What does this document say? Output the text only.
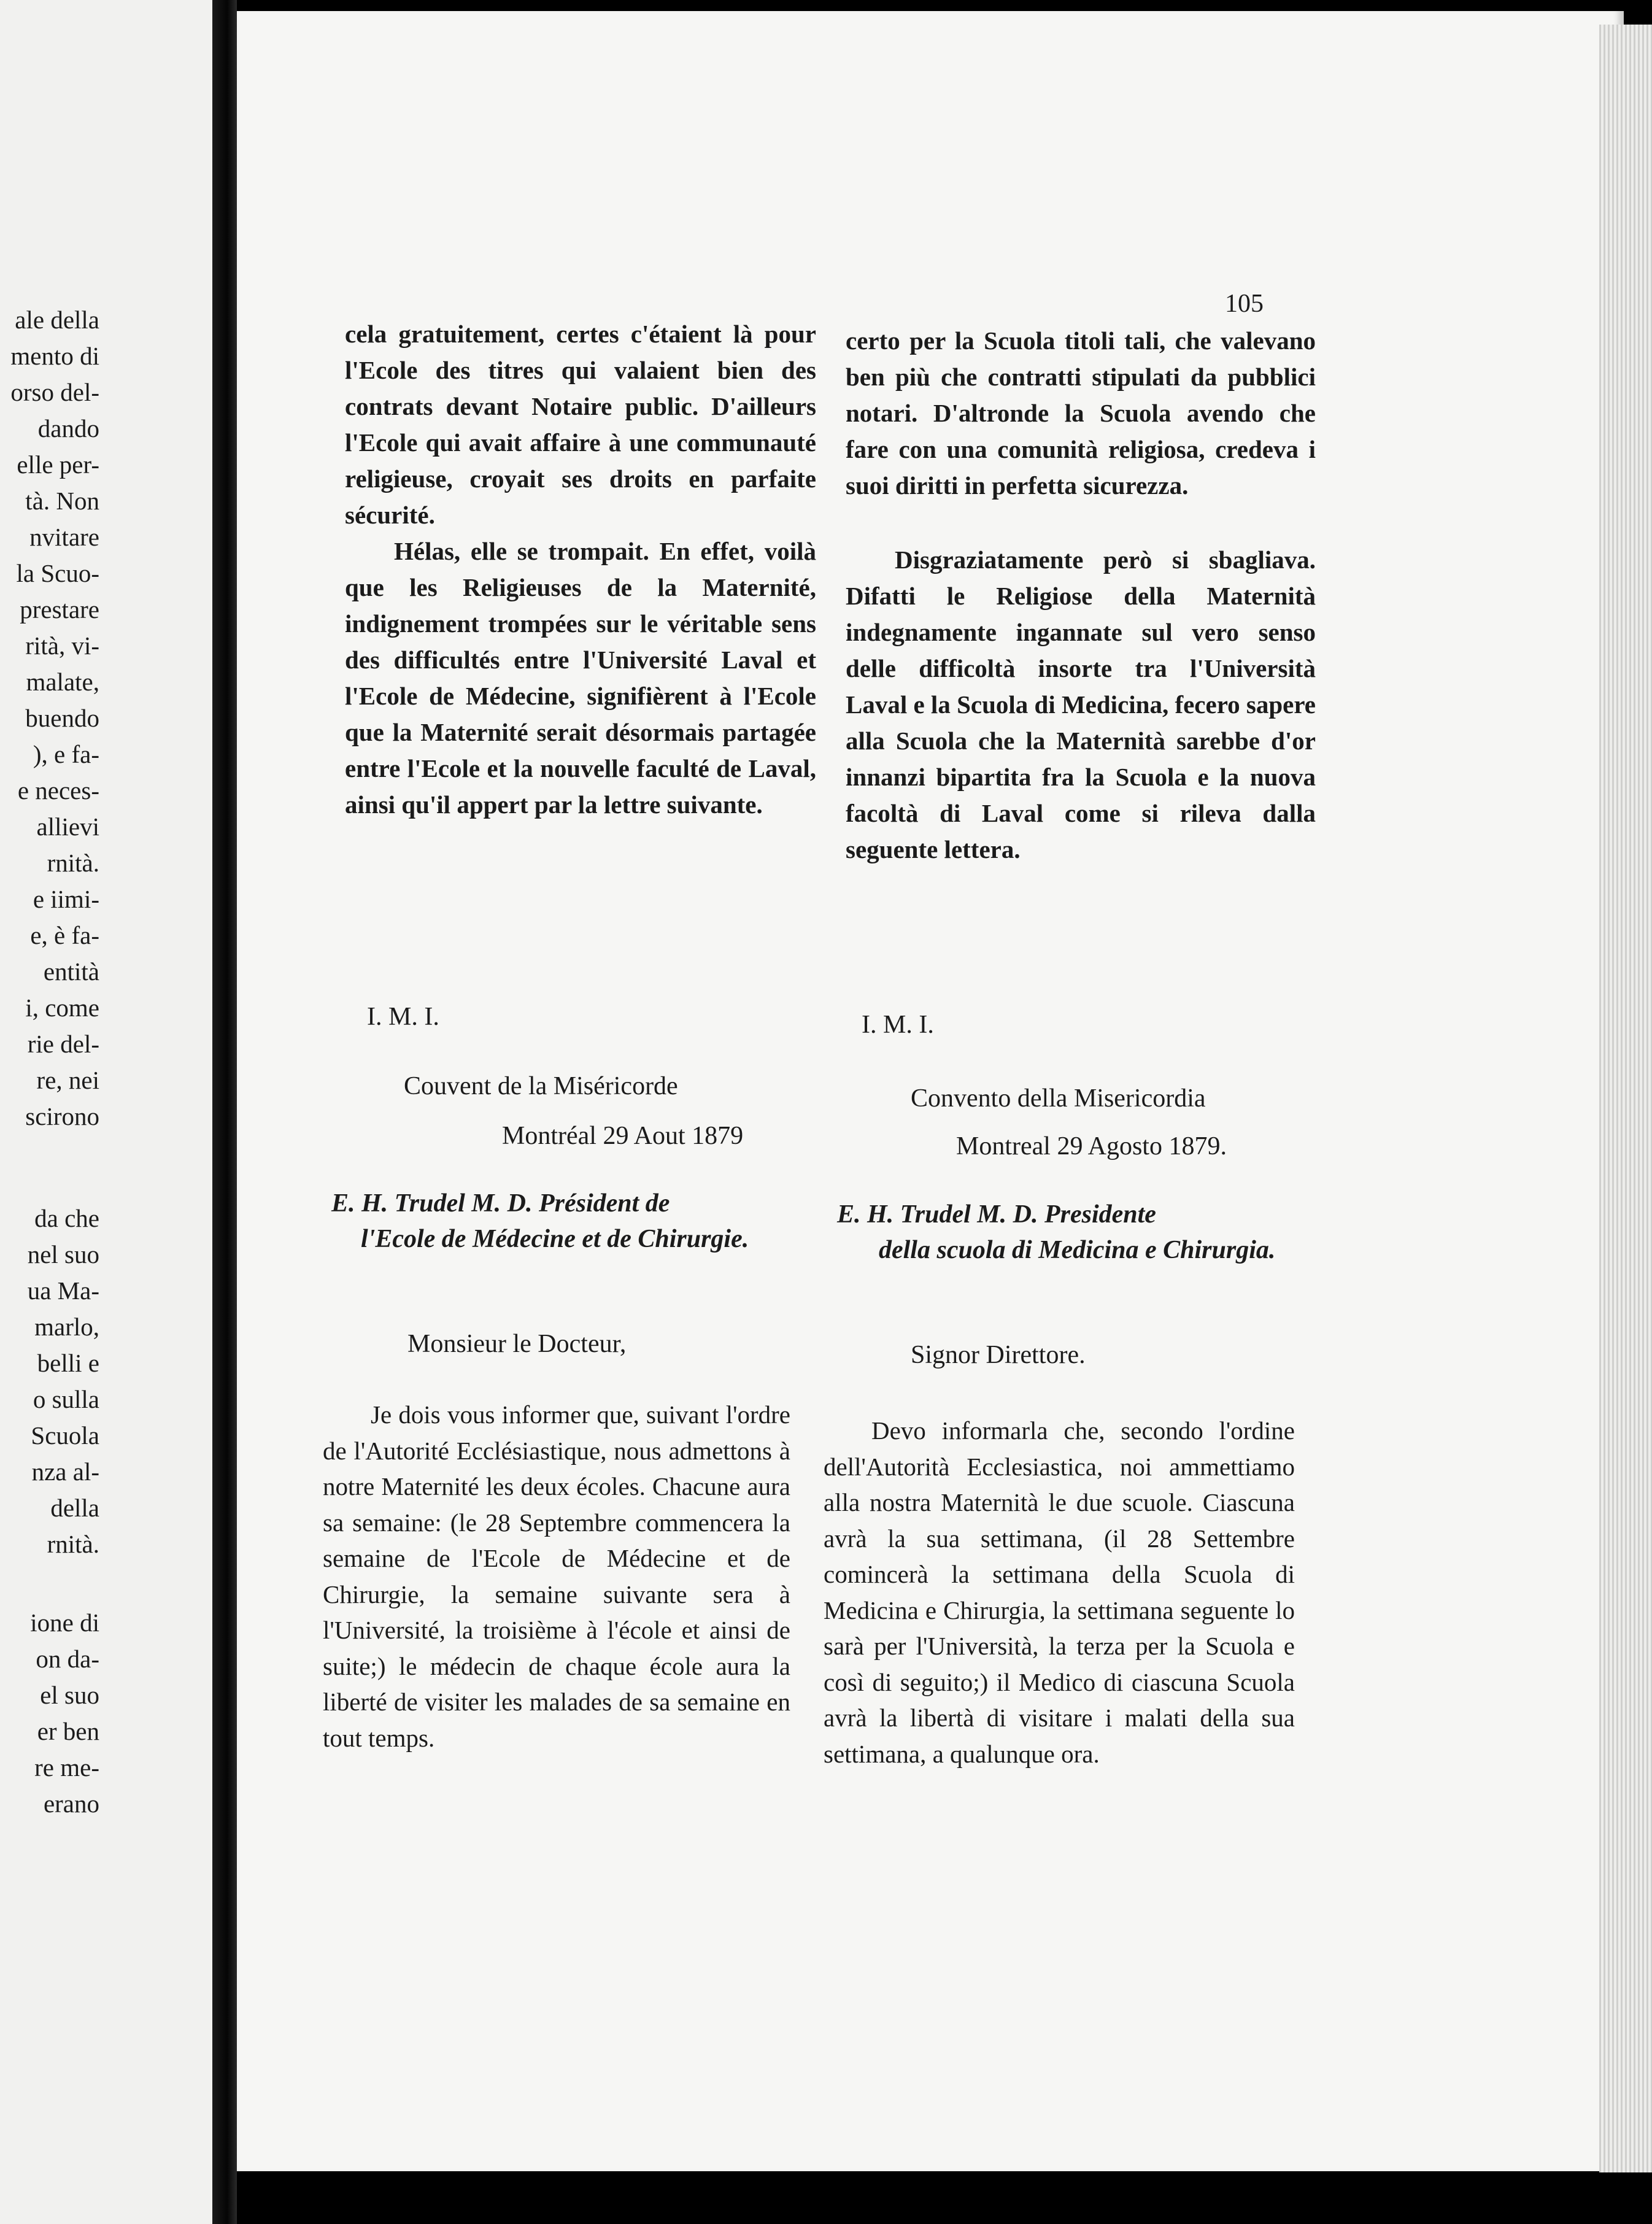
ale della
mento di
orso del-
dando
elle per-
tà. Non
nvitare
la Scuo-
prestare
rità, vi-
malate,
buendo
), e fa-
e neces-
allievi
rnità.
e iimi-
e, è fa-
entità
i, come
rie del-
re, nei
scirono
da che
nel suo
ua Ma-
marlo,
belli e
o sulla
Scuola
nza al-
della
rnità.
ione di
on da-
el suo
er ben
re me-
erano
105

cela gratuitement, certes c'étaient là pour l'Ecole des titres qui valaient bien des contrats devant Notaire public. D'ailleurs l'Ecole qui avait affaire à une communauté religieuse, croyait ses droits en parfaite sécurité.

Hélas, elle se trompait. En effet, voilà que les Religieuses de la Maternité, indignement trompées sur le véritable sens des difficultés entre l'Université Laval et l'Ecole de Médecine, signifièrent à l'Ecole que la Maternité serait désormais partagée entre l'Ecole et la nouvelle faculté de Laval, ainsi qu'il appert par la lettre suivante.

certo per la Scuola titoli tali, che valevano ben più che contratti stipulati da pubblici notari. D'altronde la Scuola avendo che fare con una comunità religiosa, credeva i suoi diritti in perfetta sicurezza.

Disgraziatamente però si sbagliava. Difatti le Religiose della Maternità indegnamente ingannate sul vero senso delle difficoltà insorte tra l'Università Laval e la Scuola di Medicina, fecero sapere alla Scuola che la Maternità sarebbe d'or innanzi bipartita fra la Scuola e la nuova facoltà di Laval come si rileva dalla seguente lettera.

I. M. I.
Couvent de la Miséricorde
Montréal 29 Aout 1879
E. H. Trudel M. D. Président de
l'Ecole de Médecine et de Chirurgie.
Monsieur le Docteur,

Je dois vous informer que, suivant l'ordre de l'Autorité Ecclésiastique, nous admettons à notre Maternité les deux écoles. Chacune aura sa semaine: (le 28 Septembre commencera la semaine de l'Ecole de Médecine et de Chirurgie, la semaine suivante sera à l'Université, la troisième à l'école et ainsi de suite;) le médecin de chaque école aura la liberté de visiter les malades de sa semaine en tout temps.

I. M. I.
Convento della Misericordia
Montreal 29 Agosto 1879.
E. H. Trudel M. D. Presidente
della scuola di Medicina e Chirurgia.
Signor Direttore.

Devo informarla che, secondo l'ordine dell'Autorità Ecclesiastica, noi ammettiamo alla nostra Maternità le due scuole. Ciascuna avrà la sua settimana, (il 28 Settembre comincerà la settimana della Scuola di Medicina e Chirurgia, la settimana seguente lo sarà per l'Università, la terza per la Scuola e così di seguito;) il Medico di ciascuna Scuola avrà la libertà di visitare i malati della sua settimana, a qualunque ora.
